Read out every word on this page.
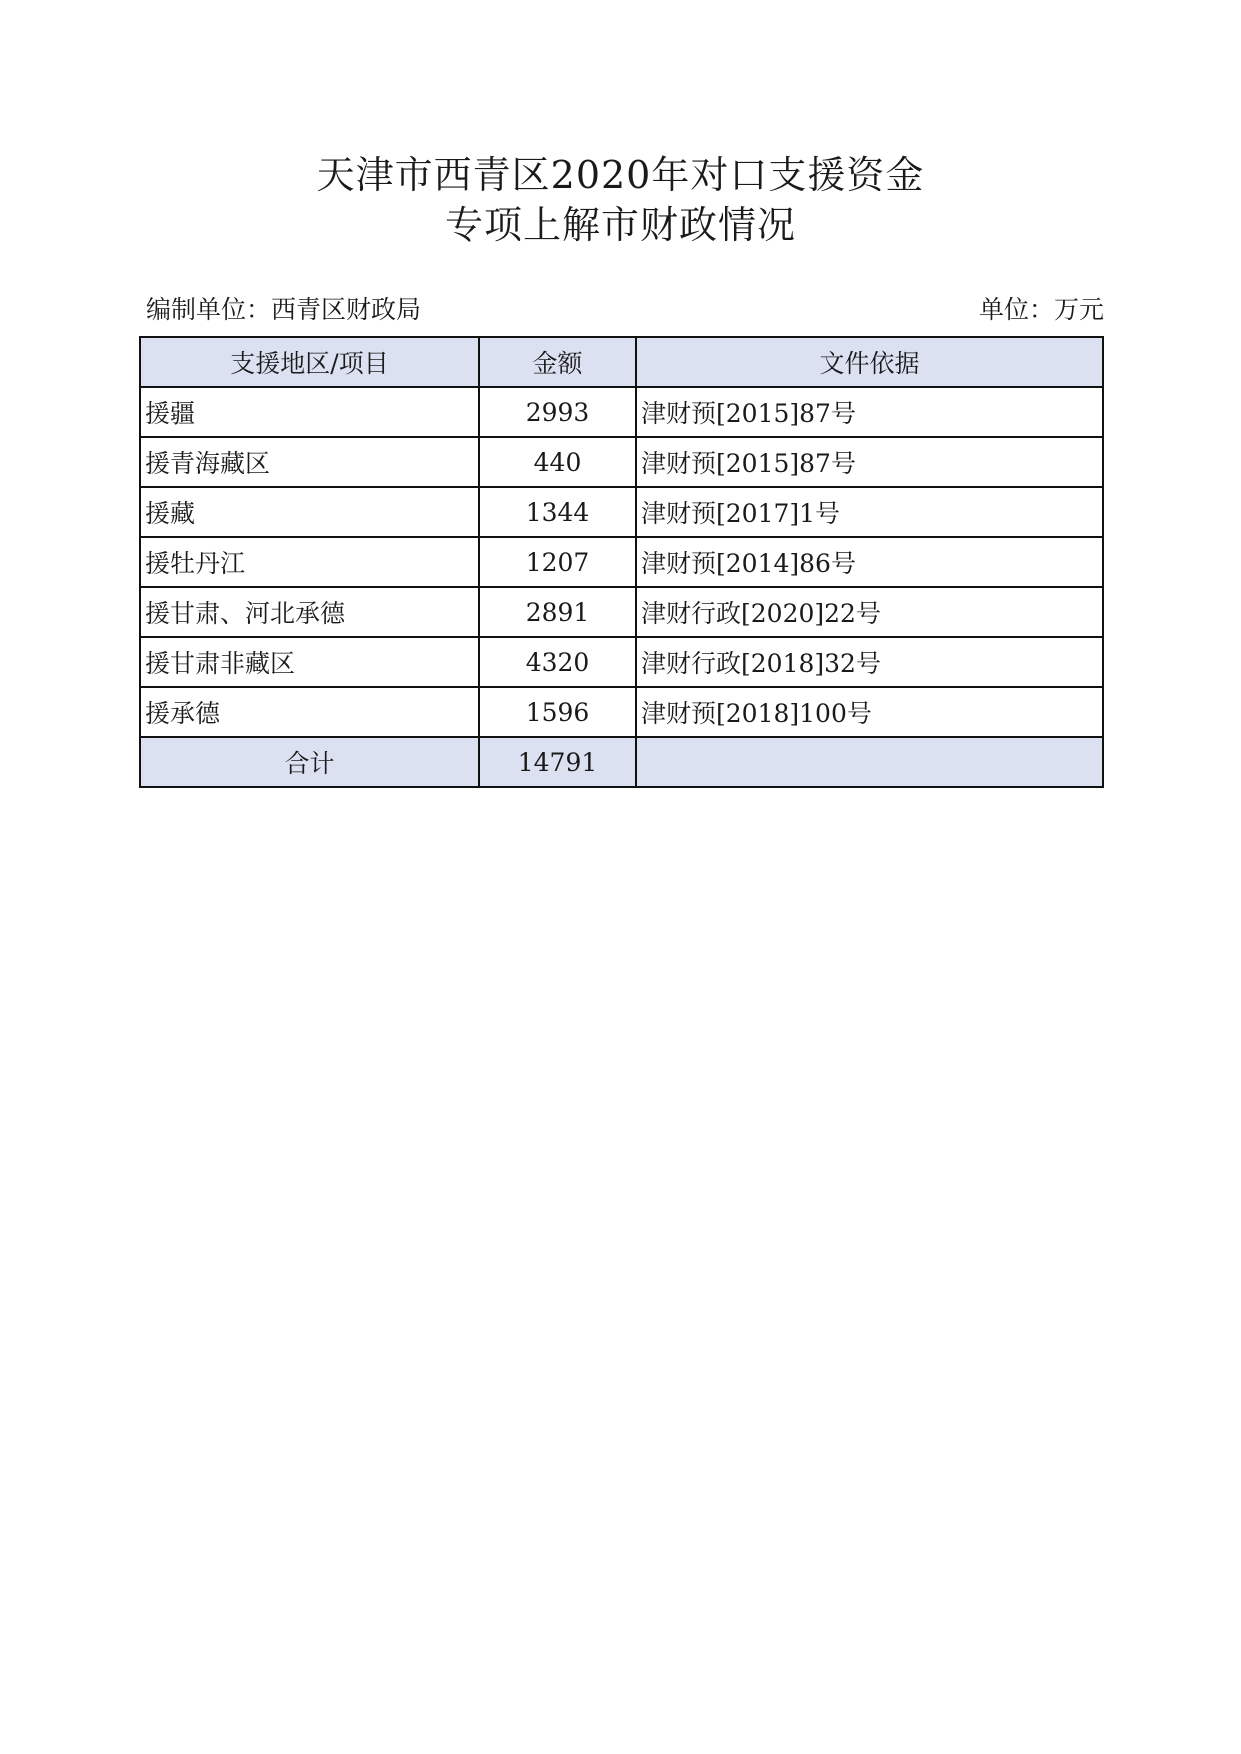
天津市西青区2020年对口支援资金
专项上解市财政情况
编制单位：西青区财政局	单位：万元
支援地区/项目	金额	文件依据
援疆	2993	津财预[2015]87号
援青海藏区	440	津财预[2015]87号
援藏	1344	津财预[2017]1号
援牡丹江	1207	津财预[2014]86号
援甘肃、河北承德	2891	津财行政[2020]22号
援甘肃非藏区	4320	津财行政[2018]32号
援承德	1596	津财预[2018]100号
合计	14791	
